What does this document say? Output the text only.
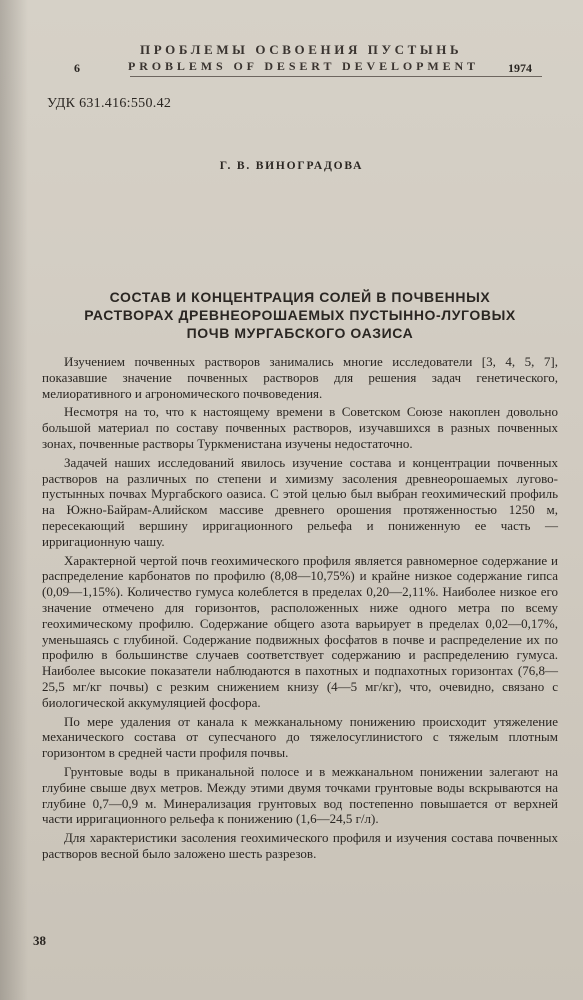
ПРОБЛЕМЫ ОСВОЕНИЯ ПУСТЫНЬ
6	PROBLEMS OF DESERT DEVELOPMENT 1974
УДК 631.416:550.42
Г. В. ВИНОГРАДОВА
СОСТАВ И КОНЦЕНТРАЦИЯ СОЛЕЙ В ПОЧВЕННЫХ
РАСТВОРАХ ДРЕВНЕОРОШАЕМЫХ ПУСТЫННО-ЛУГОВЫХ
ПОЧВ МУРГАБСКОГО ОАЗИСА

Изучением почвенных растворов занимались многие исследователи [3, 4, 5, 7], показавшие значение почвенных растворов для решения задач генетического, мелиоративного и агрономического почвоведения.

Несмотря на то, что к настоящему времени в Советском Союзе накоплен довольно большой материал по составу почвенных растворов, изучавшихся в разных почвенных зонах, почвенные растворы Туркменистана изучены недостаточно.

Задачей наших исследований явилось изучение состава и концентрации почвенных растворов на различных по степени и химизму засоления древнеорошаемых лугово-пустынных почвах Мургабского оазиса. С этой целью был выбран геохимический профиль на Южно-Байрам-Алийском массиве древнего орошения протяженностью 1250 м, пересекающий вершину ирригационного рельефа и пониженную ее часть — ирригационную чашу.

Характерной чертой почв геохимического профиля является равномерное содержание и распределение карбонатов по профилю (8,08—10,75%) и крайне низкое содержание гипса (0,09—1,15%). Количество гумуса колеблется в пределах 0,20—2,11%. Наиболее низкое его значение отмечено для горизонтов, расположенных ниже одного метра по всему геохимическому профилю. Содержание общего азота варьирует в пределах 0,02—0,17%, уменьшаясь с глубиной. Содержание подвижных фосфатов в почве и распределение их по профилю в большинстве случаев соответствует содержанию и распределению гумуса. Наиболее высокие показатели наблюдаются в пахотных и подпахотных горизонтах (76,8—25,5 мг/кг почвы) с резким снижением книзу (4—5 мг/кг), что, очевидно, связано с биологической аккумуляцией фосфора.

По мере удаления от канала к межканальному понижению происходит утяжеление механического состава от супесчаного до тяжелосуглинистого с тяжелым плотным горизонтом в средней части профиля почвы.

Грунтовые воды в приканальной полосе и в межканальном понижении залегают на глубине свыше двух метров. Между этими двумя точками грунтовые воды вскрываются на глубине 0,7—0,9 м. Минерализация грунтовых вод постепенно повышается от верхней части ирригационного рельефа к понижению (1,6—24,5 г/л).

Для характеристики засоления геохимического профиля и изучения состава почвенных растворов весной было заложено шесть разрезов.

38
